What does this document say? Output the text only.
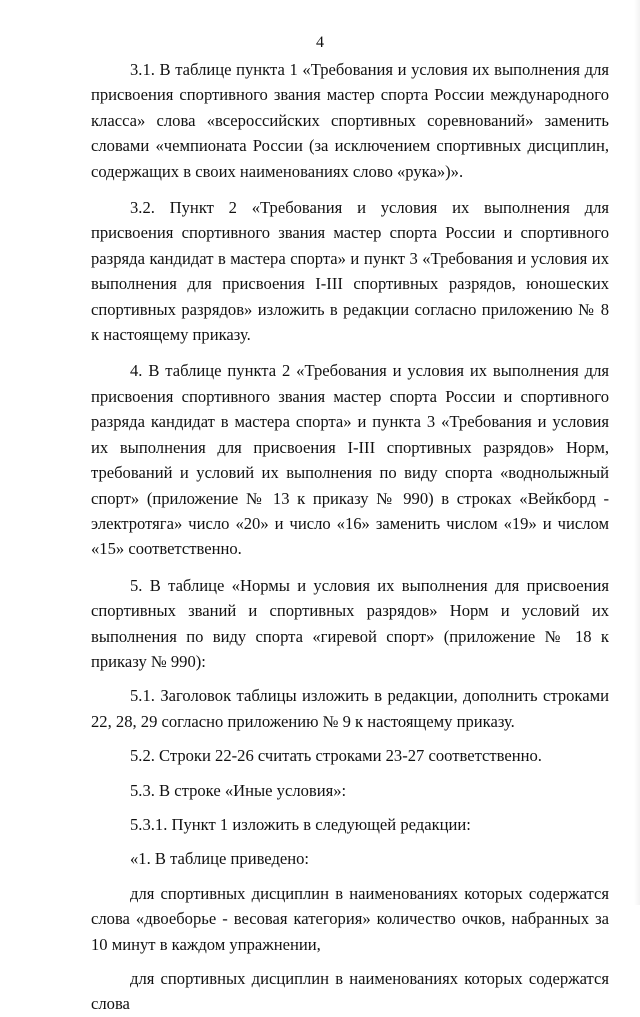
4

3.1. В таблице пункта 1 «Требования и условия их выполнения для присвоения спортивного звания мастер спорта России международного класса» слова «всероссийских спортивных соревнований» заменить словами «чемпионата России (за исключением спортивных дисциплин, содержащих в своих наименованиях слово «рука»)».

3.2. Пункт 2 «Требования и условия их выполнения для присвоения спортивного звания мастер спорта России и спортивного разряда кандидат в мастера спорта» и пункт 3 «Требования и условия их выполнения для присвоения I-III спортивных разрядов, юношеских спортивных разрядов» изложить в редакции согласно приложению № 8 к настоящему приказу.

4. В таблице пункта 2 «Требования и условия их выполнения для присвоения спортивного звания мастер спорта России и спортивного разряда кандидат в мастера спорта» и пункта 3 «Требования и условия их выполнения для присвоения I-III спортивных разрядов» Норм, требований и условий их выполнения по виду спорта «воднолыжный спорт» (приложение № 13 к приказу № 990) в строках «Вейкборд - электротяга» число «20» и число «16» заменить числом «19» и числом «15» соответственно.

5. В таблице «Нормы и условия их выполнения для присвоения спортивных званий и спортивных разрядов» Норм и условий их выполнения по виду спорта «гиревой спорт» (приложение № 18 к приказу № 990):

5.1. Заголовок таблицы изложить в редакции, дополнить строками 22, 28, 29 согласно приложению № 9 к настоящему приказу.

5.2. Строки 22-26 считать строками 23-27 соответственно.

5.3. В строке «Иные условия»:

5.3.1. Пункт 1 изложить в следующей редакции:

«1. В таблице приведено:

для спортивных дисциплин в наименованиях которых содержатся слова «двоеборье - весовая категория» количество очков, набранных за 10 минут в каждом упражнении,

для спортивных дисциплин в наименованиях которых содержатся слова
